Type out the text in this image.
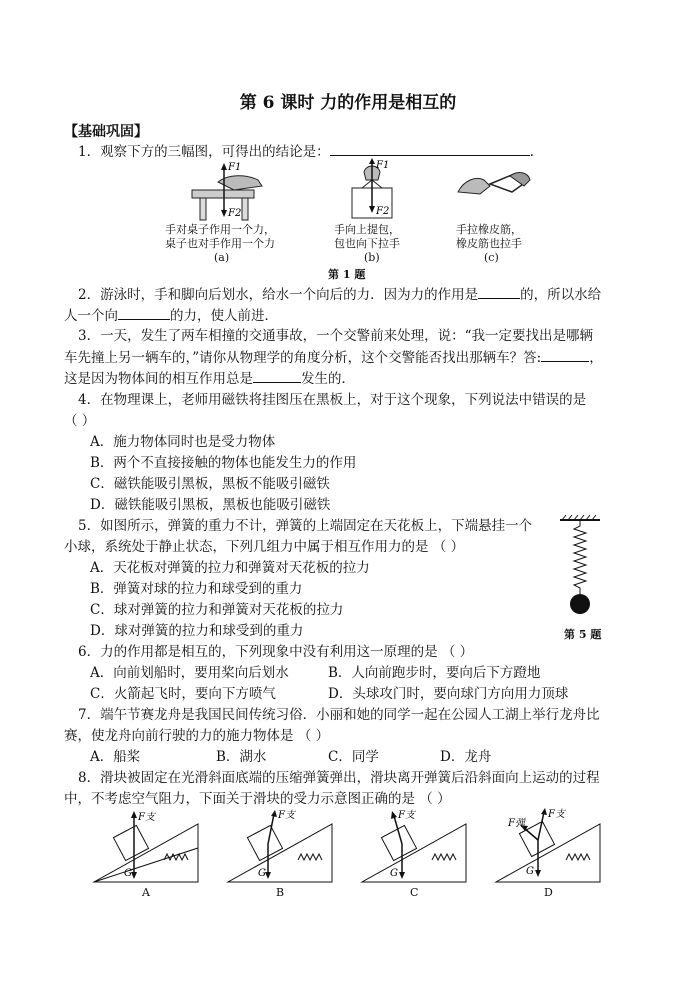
第 6 课时 力的作用是相互的
【基础巩固】
1．观察下方的三幅图，可得出的结论是：	.
F1
F2
手对桌子作用一个力，
桌子也对手作用一个力
(a)
F1
F2
手向上提包，
包也向下拉手
(b)
手拉橡皮筋，
橡皮筋也拉手
(c)
第 1 题
2．游泳时，手和脚向后划水，给水一个向后的力．因为力的作用是	的，所以水给
人一个向	的力，使人前进．
3．一天，发生了两车相撞的交通事故，一个交警前来处理，说：“我一定要找出是哪辆
车先撞上另一辆车的，”请你从物理学的角度分析，这个交警能否找出那辆车？答:	，
这是因为物体间的相互作用总是	发生的．
4．在物理课上，老师用磁铁将挂图压在黑板上，对于这个现象，下列说法中错误的是
（ ）
A．施力物体同时也是受力物体
B．两个不直接接触的物体也能发生力的作用
C．磁铁能吸引黑板，黑板不能吸引磁铁
D．磁铁能吸引黑板，黑板也能吸引磁铁
5．如图所示，弹簧的重力不计，弹簧的上端固定在天花板上，下端悬挂一个
小球，系统处于静止状态，下列几组力中属于相互作用力的是 （ ）
A．天花板对弹簧的拉力和弹簧对天花板的拉力
B．弹簧对球的拉力和球受到的重力
C．球对弹簧的拉力和弹簧对天花板的拉力
D．球对弹簧的拉力和球受到的重力	第 5 题
6．力的作用都是相互的，下列现象中没有利用这一原理的是 （ ）
A．向前划船时，要用桨向后划水	B．人向前跑步时，要向后下方蹬地
C．火箭起飞时，要向下方喷气	D．头球攻门时，要向球门方向用力顶球
7．端午节赛龙舟是我国民间传统习俗．小丽和她的同学一起在公园人工湖上举行龙舟比
赛，使龙舟向前行驶的力的施力物体是 （ ）
A．船桨	B．湖水	C．同学	D．龙舟
8．滑块被固定在光滑斜面底端的压缩弹簧弹出，滑块离开弹簧后沿斜面向上运动的过程
中，不考虑空气阻力，下面关于滑块的受力示意图正确的是 （ ）
F支
G
A
F支
G
B
F支
G
C
F支
F弹
G
D
